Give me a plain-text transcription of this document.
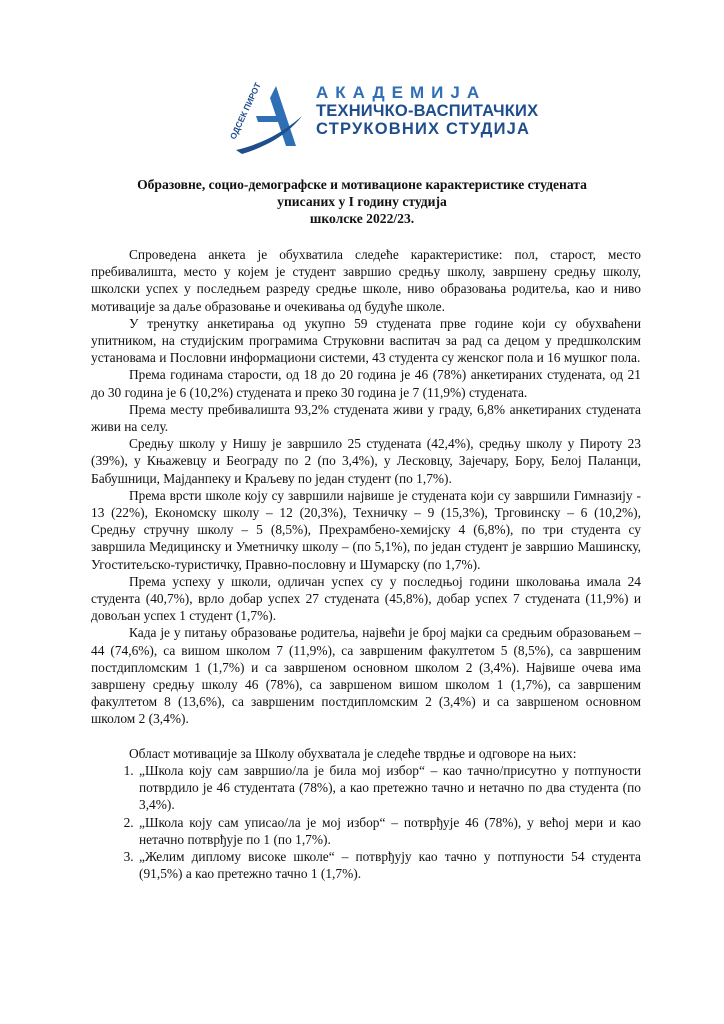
ОДСЕК ПИРОТ	АКАДЕМИЈА
ТЕХНИЧКО-ВАСПИТАЧКИХ
СТРУКОВНИХ СТУДИЈА
Образовне, социо-демографске и мотивационе карактеристике студената
уписаних у I годину студија
школске 2022/23.

Спроведена анкета је обухватила следеће карактеристике: пол, старост, место пребивалишта, место у којем је студент завршио средњу школу, завршену средњу школу, школски успех у последњем разреду средње школе, ниво образовања родитеља, као и ниво мотивације за даље образовање и очекивања од будуће школе.

У тренутку анкетирања од укупно 59 студената прве године који су обухваћени упитником, на студијским програмима Струковни васпитач за рад са децом у предшколским установама и Пословни информациони системи, 43 студента су женског пола и 16 мушког пола.

Према годинама старости, од 18 до 20 година је 46 (78%) анкетираних студената, од 21 до 30 година је 6 (10,2%) студената и преко 30 година је 7 (11,9%) студената.

Према месту пребивалишта 93,2% студената живи у граду, 6,8% анкетираних студената живи на селу.

Средњу школу у Нишу је завршило 25 студената (42,4%), средњу школу у Пироту 23 (39%), у Књажевцу и Београду по 2 (по 3,4%), у Лесковцу, Зајечару, Бору, Белој Паланци, Бабушници, Мајданпеку и Краљеву по један студент (по 1,7%).

Према врсти школе коју су завршили највише је студената који су завршили Гимназију - 13 (22%), Економску школу – 12 (20,3%), Техничку – 9 (15,3%), Трговинску – 6 (10,2%), Средњу стручну школу – 5 (8,5%), Прехрамбено-хемијску 4 (6,8%), по три студента су завршила Медицинску и Уметничку школу – (по 5,1%), по један студент је завршио Машинску, Угоститељско-туристичку, Правно-пословну и Шумарску (по 1,7%).

Према успеху у школи, одличан успех су у последњој години школовања имала 24 студента (40,7%), врло добар успех 27 студената (45,8%), добар успех 7 студената (11,9%) и довољан успех 1 студент (1,7%).

Када је у питању образовање родитеља, највећи је број мајки са средњим образовањем – 44 (74,6%), са вишом школом 7 (11,9%), са завршеним факултетом 5 (8,5%), са завршеним постдипломским 1 (1,7%) и са завршеном основном школом 2 (3,4%). Највише очева има завршену средњу школу 46 (78%), са завршеном вишом школом 1 (1,7%), са завршеним факултетом 8 (13,6%), са завршеним постдипломским 2 (3,4%) и са завршеном основном школом 2 (3,4%).

Област мотивације за Школу обухватала је следеће тврдње и одговоре на њих:

1. „Школа коју сам завршио/ла је била мој избор“ – као тачно/присутно у потпуности потврдило је 46 студентата (78%), а као претежно тачно и нетачно по два студента (по 3,4%).
2. „Школа коју сам уписао/ла је мој избор“ – потврђује 46 (78%), у већој мери и као нетачно потврђује по 1 (по 1,7%).
3. „Желим диплому високе школе“ – потврђују као тачно у потпуности 54 студента (91,5%) а као претежно тачно 1 (1,7%).
